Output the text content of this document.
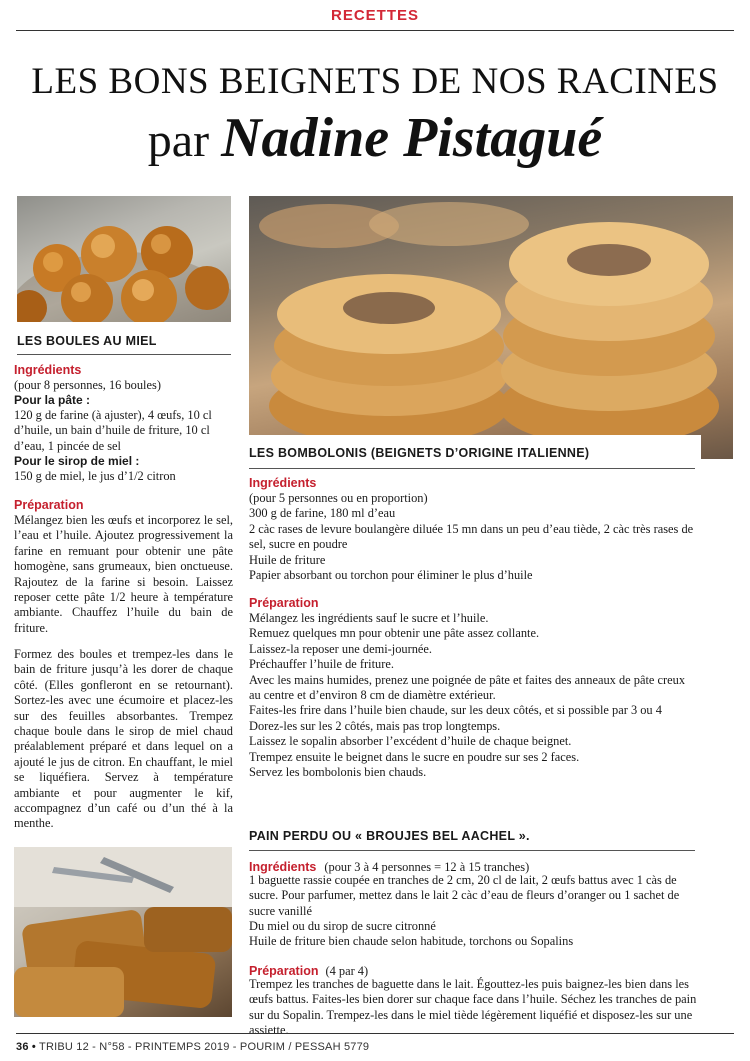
RECETTES
LES BONS BEIGNETS DE NOS RACINES
par Nadine Pistagué
LES BOULES AU MIEL
Ingrédients
(pour 8 personnes, 16 boules)
Pour la pâte :
120 g de farine (à ajuster), 4 œufs, 10 cl
d’huile, un bain d’huile de friture, 10 cl
d’eau, 1 pincée de sel
Pour le sirop de miel :
150 g de miel, le jus d’1/2 citron
Préparation
Mélangez bien les œufs et incorporez le sel, l’eau et l’huile. Ajoutez progressivement la farine en remuant pour obtenir une pâte homogène, sans grumeaux, bien onctueuse. Rajoutez de la farine si besoin. Laissez reposer cette pâte 1/2 heure à température ambiante. Chauffez l’huile du bain de friture.
Formez des boules et trempez-les dans le bain de friture jusqu’à les dorer de chaque côté. (Elles gonfleront en se retournant). Sortez-les avec une écumoire et placez-les sur des feuilles absorbantes. Trempez chaque boule dans le sirop de miel chaud préalablement préparé et dans lequel on a ajouté le jus de citron. En chauffant, le miel se liquéfiera. Servez à température ambiante et pour augmenter le kif, accompagnez d’un café ou d’un thé à la menthe.
LES BOMBOLONIS (BEIGNETS D’ORIGINE ITALIENNE)
Ingrédients
(pour 5 personnes ou en proportion)
300 g de farine, 180 ml d’eau
2 càc rases de levure boulangère diluée 15 mn dans un peu d’eau tiède, 2 càc très rases de
sel, sucre en poudre
Huile de friture
Papier absorbant ou torchon pour éliminer le plus d’huile
Préparation
Mélangez les ingrédients sauf le sucre et l’huile.
Remuez quelques mn pour obtenir une pâte assez collante.
Laissez-la reposer une demi-journée.
Préchauffer l’huile de friture.
Avec les mains humides, prenez une poignée de pâte et faites des anneaux de pâte creux
au centre et d’environ 8 cm de diamètre extérieur.
Faites-les frire dans l’huile bien chaude, sur les deux côtés, et si possible par 3 ou 4
Dorez-les sur les 2 côtés, mais pas trop longtemps.
Laissez le sopalin absorber l’excédent d’huile de chaque beignet.
Trempez ensuite le beignet dans le sucre en poudre sur ses 2 faces.
Servez les bombolonis bien chauds.
PAIN PERDU OU « BROUJES BEL AACHEL ».
Ingrédients (pour 3 à 4 personnes = 12 à 15 tranches)
1 baguette rassie coupée en tranches de 2 cm, 20 cl de lait, 2 œufs battus avec 1 càs de sucre. Pour parfumer, mettez dans le lait 2 càc d’eau de fleurs d’oranger ou 1 sachet de sucre vanillé
Du miel ou du sirop de sucre citronné
Huile de friture bien chaude selon habitude, torchons ou Sopalins
Préparation (4 par 4)
Trempez les tranches de baguette dans le lait. Égouttez-les puis baignez-les bien dans les œufs battus. Faites-les bien dorer sur chaque face dans l’huile. Séchez les tranches de pain sur du Sopalin. Trempez-les dans le miel tiède légèrement liquéfié et disposez-les sur une assiette.
36 • TRIBU 12 - N°58 - PRINTEMPS 2019 - POURIM / PESSAH 5779
